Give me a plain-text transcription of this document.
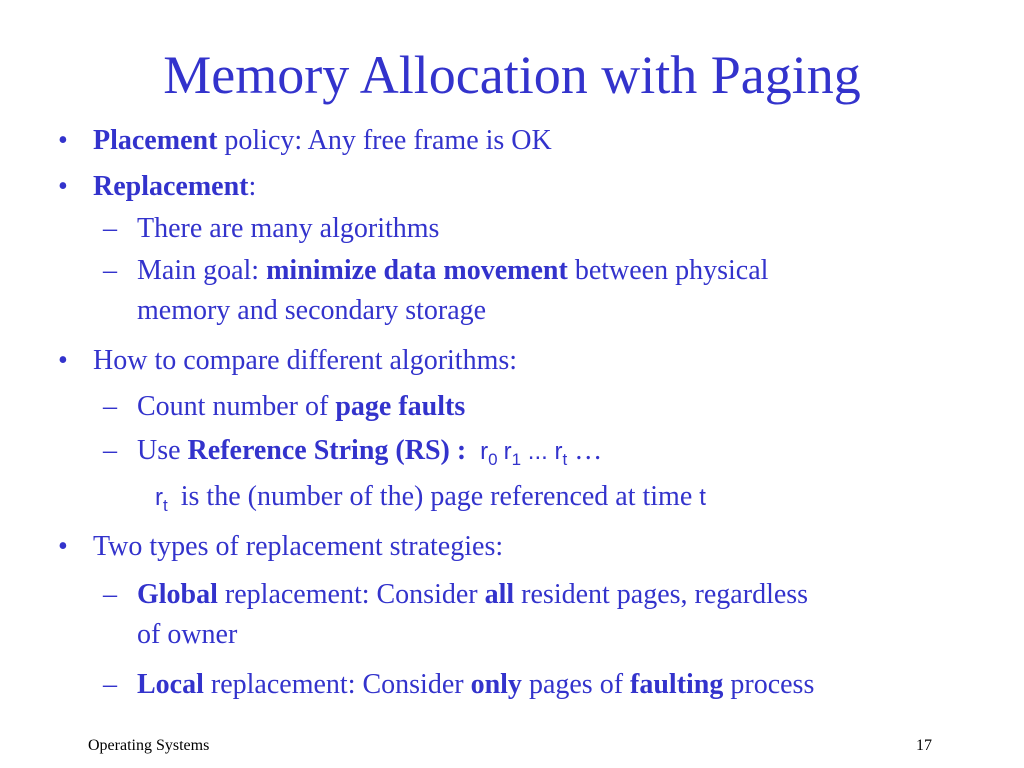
Memory Allocation with Paging
• Placement policy: Any free frame is OK
• Replacement:
– There are many algorithms
– Main goal: minimize data movement between physical
memory and secondary storage
• How to compare different algorithms:
– Count number of page faults
– Use Reference String (RS) : $r_0$ $r_1$ ... $r_t$ …
$r_t$ is the (number of the) page referenced at time t
• Two types of replacement strategies:
– Global replacement: Consider all resident pages, regardless
of owner
– Local replacement: Consider only pages of faulting process
Operating Systems	17
